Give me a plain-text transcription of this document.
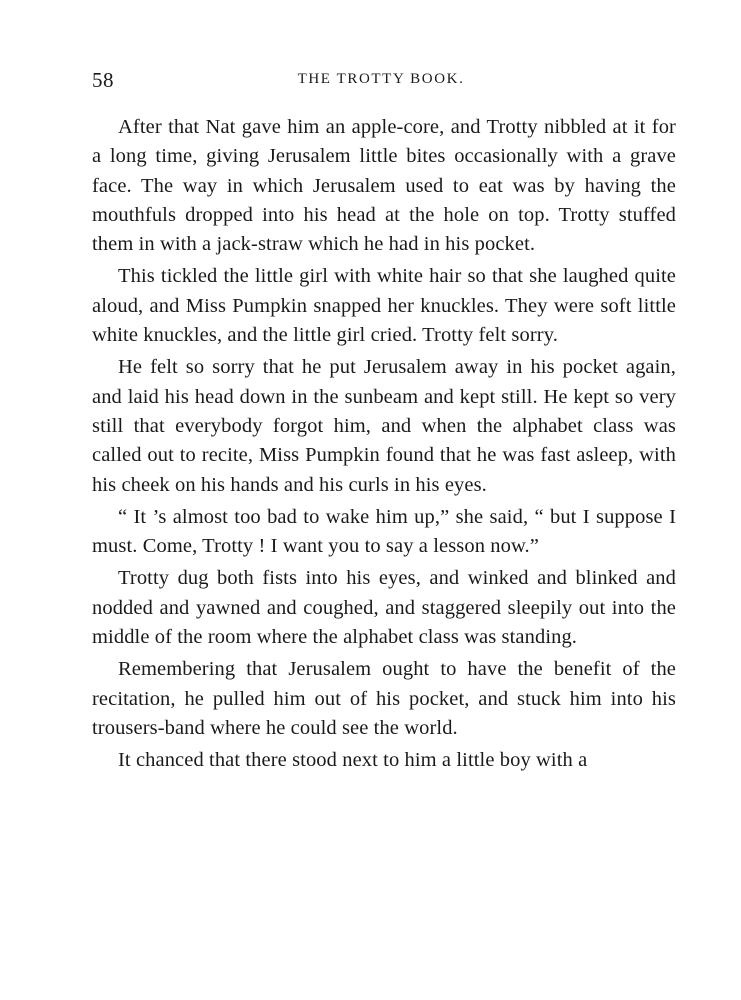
58	THE TROTTY BOOK.

After that Nat gave him an apple-core, and Trotty nibbled at it for a long time, giving Jerusalem little bites occasionally with a grave face. The way in which Jerusalem used to eat was by having the mouthfuls dropped into his head at the hole on top. Trotty stuffed them in with a jack-straw which he had in his pocket.

This tickled the little girl with white hair so that she laughed quite aloud, and Miss Pumpkin snapped her knuckles. They were soft little white knuckles, and the little girl cried. Trotty felt sorry.

He felt so sorry that he put Jerusalem away in his pocket again, and laid his head down in the sunbeam and kept still. He kept so very still that everybody forgot him, and when the alphabet class was called out to recite, Miss Pumpkin found that he was fast asleep, with his cheek on his hands and his curls in his eyes.

“ It ’s almost too bad to wake him up,” she said, “ but I suppose I must. Come, Trotty ! I want you to say a lesson now.”

Trotty dug both fists into his eyes, and winked and blinked and nodded and yawned and coughed, and staggered sleepily out into the middle of the room where the alphabet class was standing.

Remembering that Jerusalem ought to have the benefit of the recitation, he pulled him out of his pocket, and stuck him into his trousers-band where he could see the world.

It chanced that there stood next to him a little boy with a
